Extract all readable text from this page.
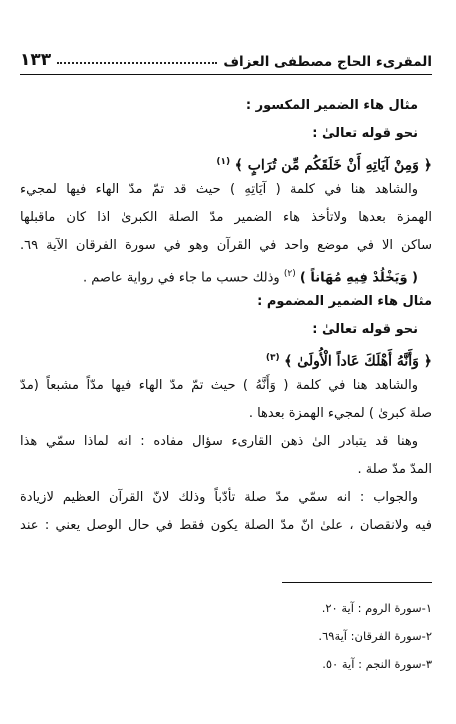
المقرىء الحاج مصطفى العزاف
١٣٣
مثال هاء الضمير المكسور :
نحو قوله تعالىٰ :
﴿ وَمِنْ آيَاتِهِ أَنْ خَلَقَكُم مِّن تُرَابٍ ﴾ $^{(١)}$
والشاهد هنا في كلمة ( آيَاتِهِ ) حيث قد تمّ مدّ الهاء فيها لمجيء
الهمزة بعدها ولاتأخذ هاء الضمير مدّ الصلة الكبرىٰ اذا كان ماقبلها
ساكن الا في موضع واحد في القرآن وهو في سورة الفرقان الآية ٦٩.
( وَيَخْلُدْ فِيهِ مُهَاناً ) $^{(٢)}$ وذلك حسب ما جاء في رواية عاصم .
مثال هاء الضمير المضموم :
نحو قوله تعالىٰ :
﴿ وَأَنَّهُ أَهْلَكَ عَاداً الْأُولَىٰ ﴾ $^{(٣)}$
والشاهد هنا في كلمة ( وَأَنَّهُ ) حيث تمّ مدّ الهاء فيها مدّاً مشبعاً (مدّ
صلة كبرىٰ ) لمجيء الهمزة بعدها .
وهنا قد يتبادر الىٰ ذهن القارىء سؤال مفاده : انه لماذا سمّي هذا
المدّ مدّ صلة .
والجواب : انه سمّي مدّ صلة تأدّباً وذلك لانّ القرآن العظيم لازيادة
فيه ولانقصان ، علىٰ انّ مدّ الصلة يكون فقط في حال الوصل يعني : عند
١-سورة الروم : آية ٢٠.
٢-سورة الفرقان: آية٦٩.
٣-سورة النجم : آية ٥٠.
